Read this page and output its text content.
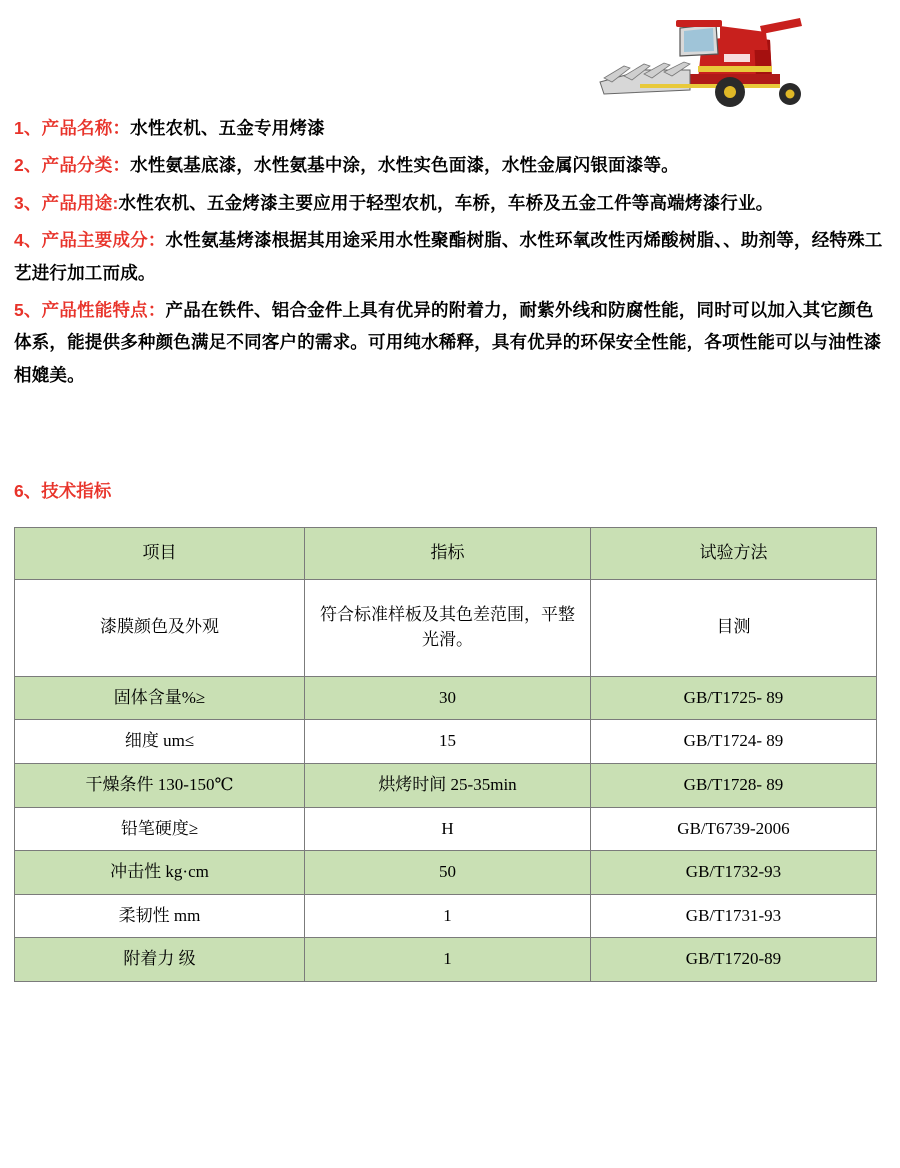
1、产品名称：水性农机、五金专用烤漆

2、产品分类：水性氨基底漆，水性氨基中涂，水性实色面漆，水性金属闪银面漆等。

3、产品用途:水性农机、五金烤漆主要应用于轻型农机，车桥，车桥及五金工件等高端烤漆行业。

4、产品主要成分：水性氨基烤漆根据其用途采用水性聚酯树脂、水性环氧改性丙烯酸树脂、、助剂等，经特殊工艺进行加工而成。

5、产品性能特点：产品在铁件、铝合金件上具有优异的附着力，耐紫外线和防腐性能，同时可以加入其它颜色体系，能提供多种颜色满足不同客户的需求。可用纯水稀释，具有优异的环保安全性能，各项性能可以与油性漆相媲美。

6、技术指标
项目	指标	试验方法
漆膜颜色及外观	符合标准样板及其色差范围，平整光滑。	目测
固体含量%≥	30	GB/T1725- 89
细度 um≤	15	GB/T1724- 89
干燥条件 130-150℃	烘烤时间 25-35min	GB/T1728- 89
铅笔硬度≥	H	GB/T6739-2006
冲击性 kg·cm	50	GB/T1732-93
柔韧性 mm	1	GB/T1731-93
附着力 级	1	GB/T1720-89
